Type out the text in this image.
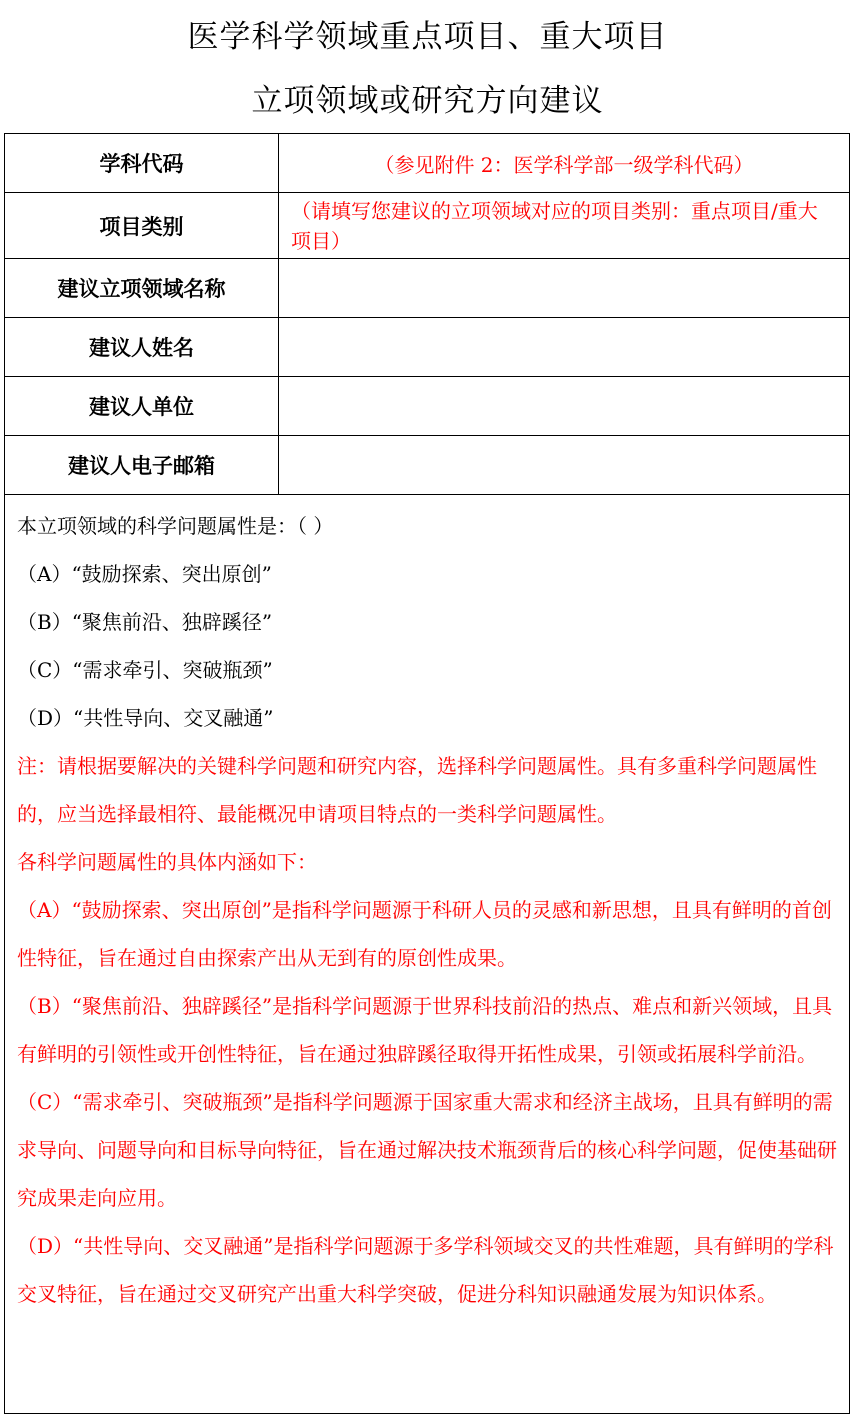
医学科学领域重点项目、重大项目
立项领域或研究方向建议
学科代码	（参见附件 2：医学科学部一级学科代码）
项目类别
（请填写您建议的立项领域对应的项目类别：重点项目/重大项目）
建议立项领域名称
建议人姓名
建议人单位
建议人电子邮箱

本立项领域的科学问题属性是：（ ）

（A）“鼓励探索、突出原创”

（B）“聚焦前沿、独辟蹊径”

（C）“需求牵引、突破瓶颈”

（D）“共性导向、交叉融通”

注：请根据要解决的关键科学问题和研究内容，选择科学问题属性。具有多重科学问题属性的，应当选择最相符、最能概况申请项目特点的一类科学问题属性。

各科学问题属性的具体内涵如下：

（A）“鼓励探索、突出原创”是指科学问题源于科研人员的灵感和新思想，且具有鲜明的首创性特征，旨在通过自由探索产出从无到有的原创性成果。

（B）“聚焦前沿、独辟蹊径”是指科学问题源于世界科技前沿的热点、难点和新兴领域，且具有鲜明的引领性或开创性特征，旨在通过独辟蹊径取得开拓性成果，引领或拓展科学前沿。

（C）“需求牵引、突破瓶颈”是指科学问题源于国家重大需求和经济主战场，且具有鲜明的需求导向、问题导向和目标导向特征，旨在通过解决技术瓶颈背后的核心科学问题，促使基础研究成果走向应用。

（D）“共性导向、交叉融通”是指科学问题源于多学科领域交叉的共性难题，具有鲜明的学科交叉特征，旨在通过交叉研究产出重大科学突破，促进分科知识融通发展为知识体系。
